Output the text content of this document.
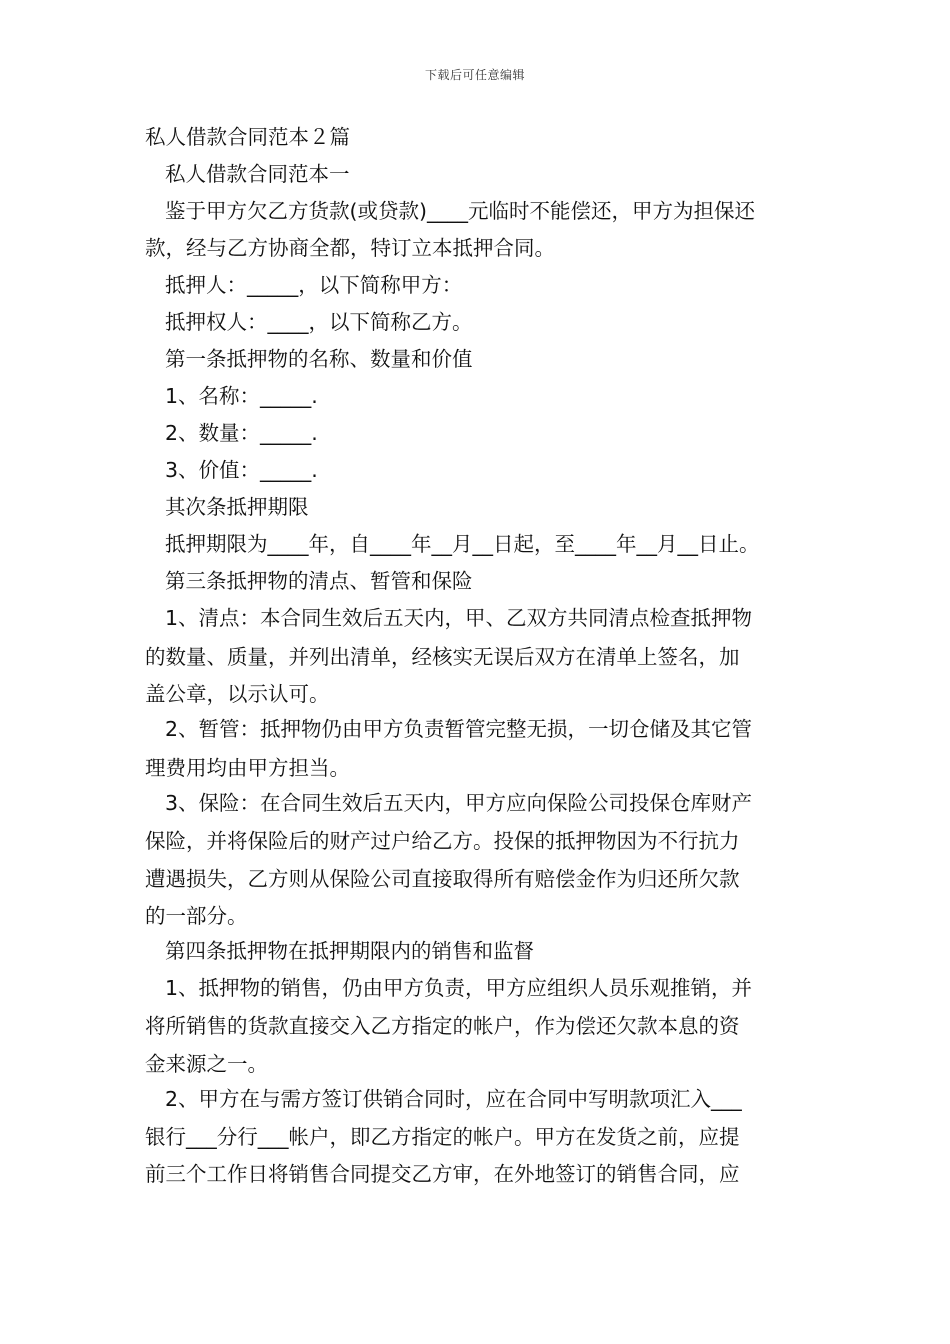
下载后可任意编辑
私人借款合同范本２篇
私人借款合同范本一
鉴于甲方欠乙方货款(或贷款)____元临时不能偿还，甲方为担保还
款，经与乙方协商全都，特订立本抵押合同。
抵押人：_____，以下简称甲方：
抵押权人：____，以下简称乙方。
第一条抵押物的名称、数量和价值
1、名称：_____.
2、数量：_____.
3、价值：_____.
其次条抵押期限
抵押期限为____年，自____年__月__日起，至____年__月__日止。
第三条抵押物的清点、暂管和保险
1、清点：本合同生效后五天内，甲、乙双方共同清点检查抵押物
的数量、质量，并列出清单，经核实无误后双方在清单上签名，加
盖公章，以示认可。
2、暂管：抵押物仍由甲方负责暂管完整无损，一切仓储及其它管
理费用均由甲方担当。
3、保险：在合同生效后五天内，甲方应向保险公司投保仓库财产
保险，并将保险后的财产过户给乙方。投保的抵押物因为不行抗力
遭遇损失，乙方则从保险公司直接取得所有赔偿金作为归还所欠款
的一部分。
第四条抵押物在抵押期限内的销售和监督
1、抵押物的销售，仍由甲方负责，甲方应组织人员乐观推销，并
将所销售的货款直接交入乙方指定的帐户，作为偿还欠款本息的资
金来源之一。
2、甲方在与需方签订供销合同时，应在合同中写明款项汇入___
银行___分行___帐户，即乙方指定的帐户。甲方在发货之前，应提
前三个工作日将销售合同提交乙方审，在外地签订的销售合同，应
